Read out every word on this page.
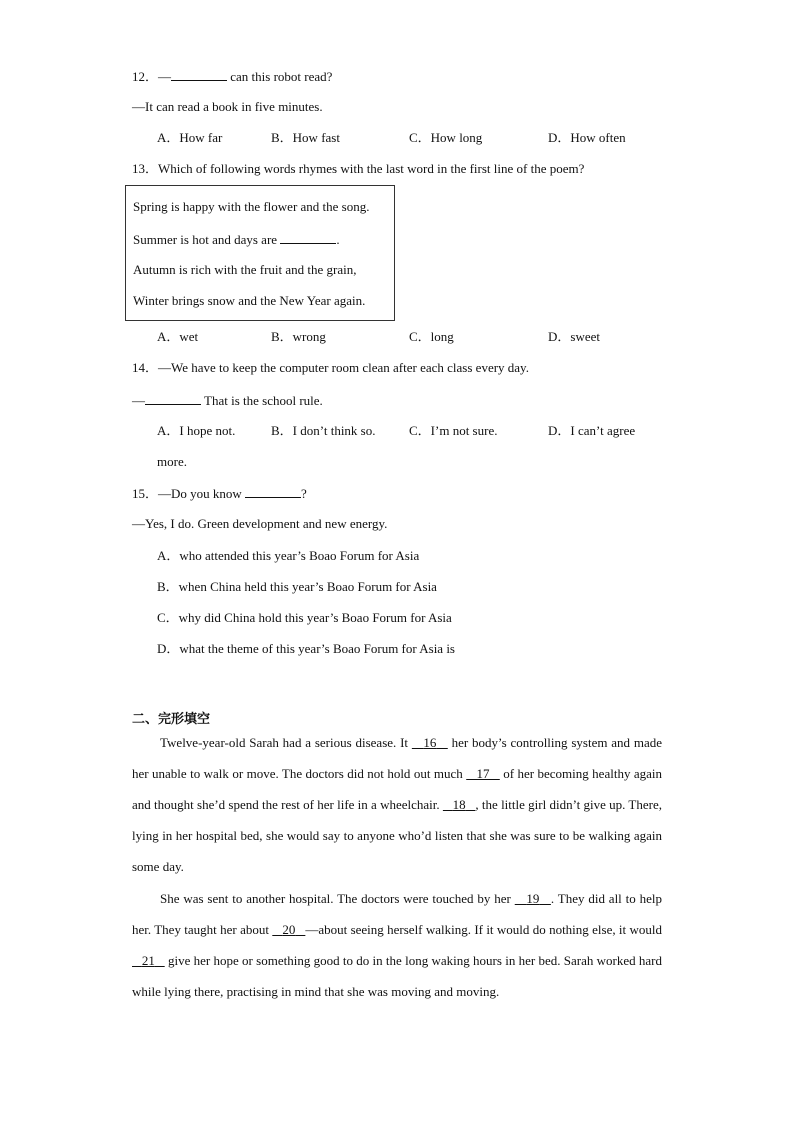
12．—	can this robot read?
—It can read a book in five minutes.
A．How far	B．How fast	C．How long	D．How often
13．Which of following words rhymes with the last word in the first line of the poem?
Spring is happy with the flower and the song.
Summer is hot and days are	.
Autumn is rich with the fruit and the grain,
Winter brings snow and the New Year again.
A．wet	B．wrong	C．long	D．sweet
14．—We have to keep the computer room clean after each class every day.
—	That is the school rule.
A．I hope not.	B．I don’t think so.	C．I’m not sure.	D．I can’t agree
more.
15．—Do you know	?
—Yes, I do. Green development and new energy.
A．who attended this year’s Boao Forum for Asia
B．when China held this year’s Boao Forum for Asia
C．why did China hold this year’s Boao Forum for Asia
D．what the theme of this year’s Boao Forum for Asia is
二、完形填空
Twelve-year-old Sarah had a serious disease. It    16    her body’s controlling system and made her unable to walk or move. The doctors did not hold out much    17    of her becoming healthy again and thought she’d spend the rest of her life in a wheelchair.    18 , the little girl didn’t give up. There, lying in her hospital bed, she would say to anyone who’d listen that she was sure to be walking again some day.
She was sent to another hospital. The doctors were touched by her    19 . They did all to help her. They taught her about    20 —about seeing herself walking. If it would do nothing else, it would    21    give her hope or something good to do in the long waking hours in her bed. Sarah worked hard while lying there, practising in mind that she was moving and moving.
